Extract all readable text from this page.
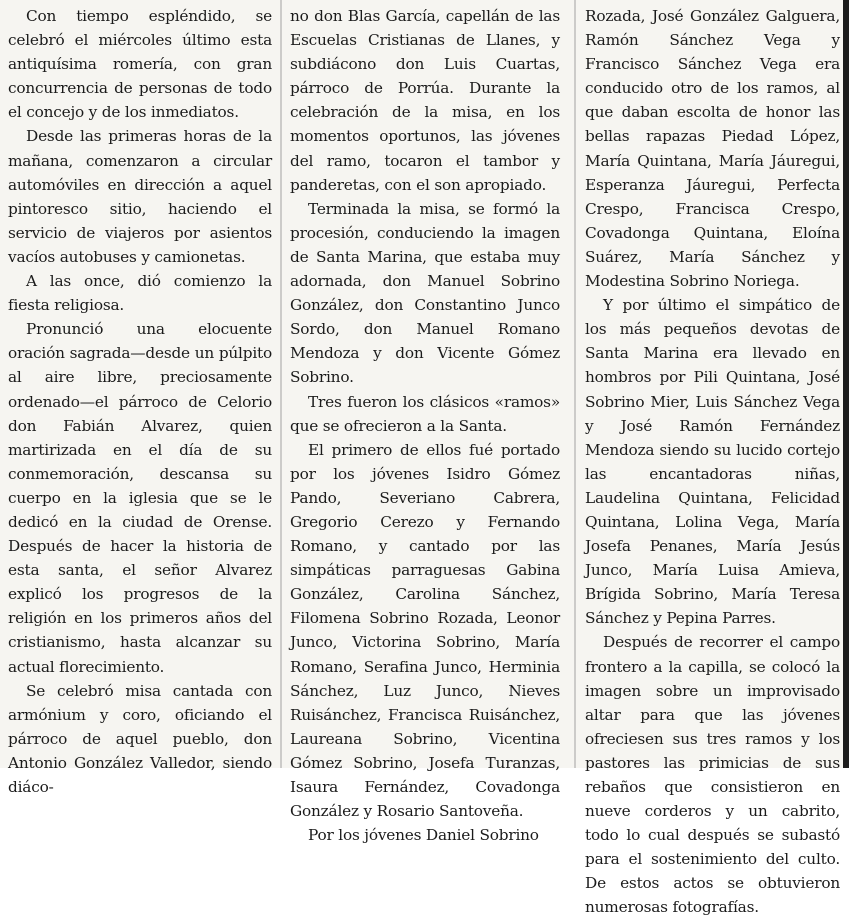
Con tiempo espléndido, se celebró el miércoles último esta antiquísima romería, con gran concurrencia de personas de todo el concejo y de los inmediatos.

Desde las primeras horas de la mañana, comenzaron a circular automóviles en dirección a aquel pintoresco sitio, haciendo el servicio de viajeros por asientos vacíos autobuses y camionetas.

A las once, dió comienzo la fiesta religiosa.

Pronunció una elocuente oración sagrada—desde un púlpito al aire libre, preciosamente ordenado—el párroco de Celorio don Fabián Alvarez, quien martirizada en el día de su conmemoración, descansa su cuerpo en la iglesia que se le dedicó en la ciudad de Orense. Después de hacer la historia de esta santa, el señor Alvarez explicó los progresos de la religión en los primeros años del cristianismo, hasta alcanzar su actual florecimiento.

Se celebró misa cantada con armónium y coro, oficiando el párroco de aquel pueblo, don Antonio González Valledor, siendo diáco-

no don Blas García, capellán de las Escuelas Cristianas de Llanes, y subdiácono don Luis Cuartas, párroco de Porrúa. Durante la celebración de la misa, en los momentos oportunos, las jóvenes del ramo, tocaron el tambor y panderetas, con el son apropiado.

Terminada la misa, se formó la procesión, conduciendo la imagen de Santa Marina, que estaba muy adornada, don Manuel Sobrino González, don Constantino Junco Sordo, don Manuel Romano Mendoza y don Vicente Gómez Sobrino.

Tres fueron los clásicos «ramos» que se ofrecieron a la Santa.

El primero de ellos fué portado por los jóvenes Isidro Gómez Pando, Severiano Cabrera, Gregorio Cerezo y Fernando Romano, y cantado por las simpáticas parraguesas Gabina González, Carolina Sánchez, Filomena Sobrino Rozada, Leonor Junco, Victorina Sobrino, María Romano, Serafina Junco, Herminia Sánchez, Luz Junco, Nieves Ruisánchez, Francisca Ruisánchez, Laureana Sobrino, Vicentina Gómez Sobrino, Josefa Turanzas, Isaura Fernández, Covadonga González y Rosario Santoveña.

Por los jóvenes Daniel Sobrino

Rozada, José González Galguera, Ramón Sánchez Vega y Francisco Sánchez Vega era conducido otro de los ramos, al que daban escolta de honor las bellas rapazas Piedad López, María Quintana, María Jáuregui, Esperanza Jáuregui, Perfecta Crespo, Francisca Crespo, Covadonga Quintana, Eloína Suárez, María Sánchez y Modestina Sobrino Noriega.

Y por último el simpático de los más pequeños devotas de Santa Marina era llevado en hombros por Pili Quintana, José Sobrino Mier, Luis Sánchez Vega y José Ramón Fernández Mendoza siendo su lucido cortejo las encantadoras niñas, Laudelina Quintana, Felicidad Quintana, Lolina Vega, María Josefa Penanes, María Jesús Junco, María Luisa Amieva, Brígida Sobrino, María Teresa Sánchez y Pepina Parres.

Después de recorrer el campo frontero a la capilla, se colocó la imagen sobre un improvisado altar para que las jóvenes ofreciesen sus tres ramos y los pastores las primicias de sus rebaños que consistieron en nueve corderos y un cabrito, todo lo cual después se subastó para el sostenimiento del culto. De estos actos se obtuvieron numerosas fotografías.
